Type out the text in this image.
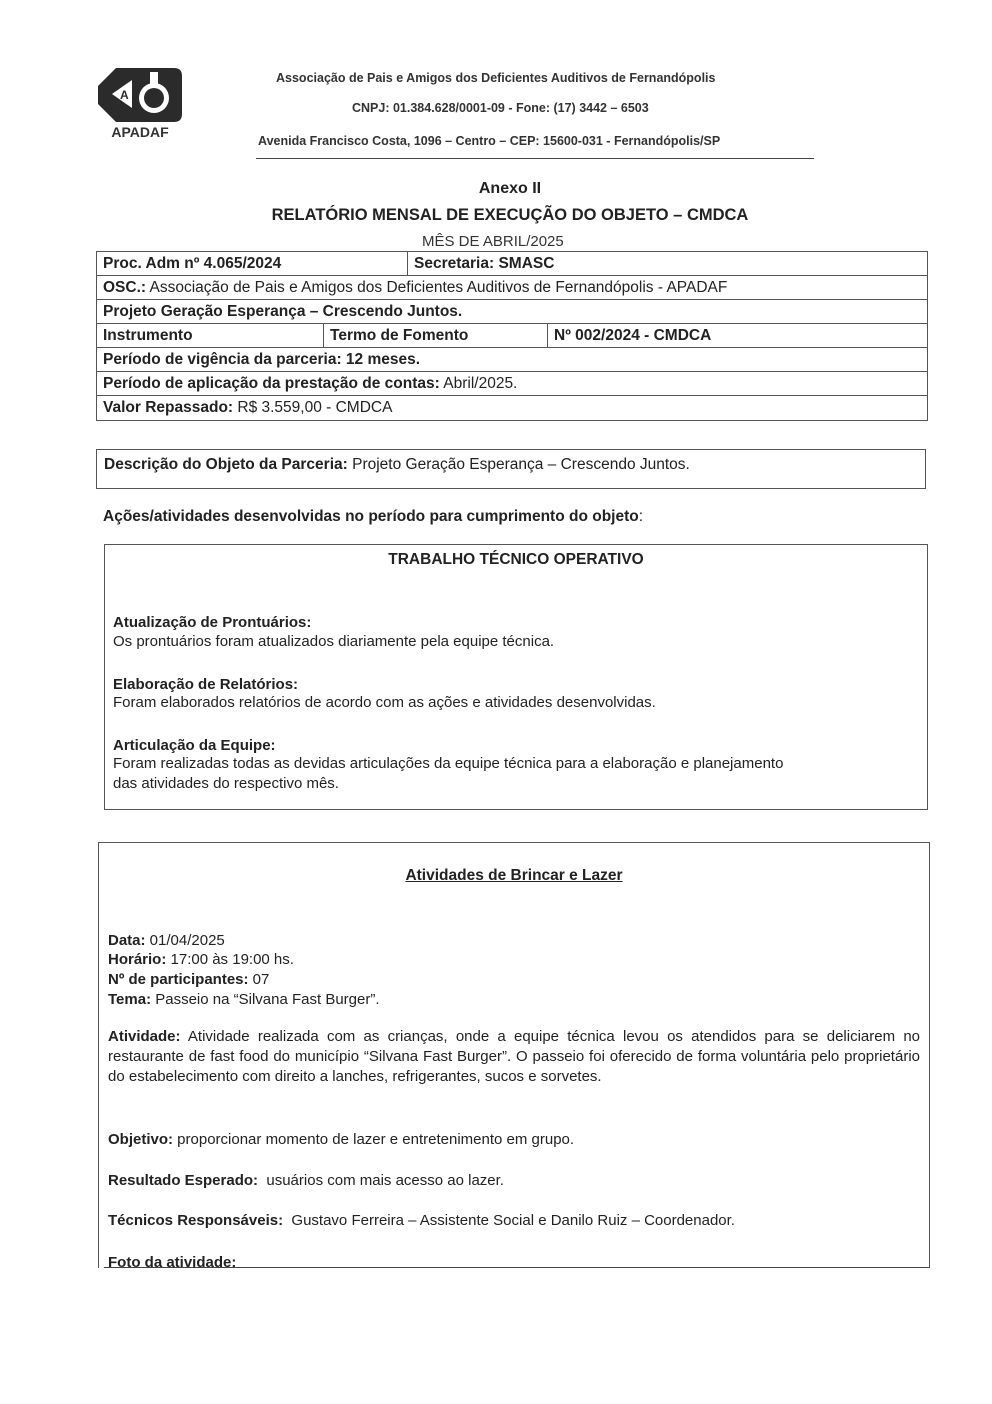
A
APADAF
Associação de Pais e Amigos dos Deficientes Auditivos de Fernandópolis
CNPJ: 01.384.628/0001-09 - Fone: (17) 3442 – 6503
Avenida Francisco Costa, 1096 – Centro – CEP: 15600-031 - Fernandópolis/SP
Anexo II
RELATÓRIO MENSAL DE EXECUÇÃO DO OBJETO – CMDCA
MÊS DE ABRIL/2025
Proc. Adm nº 4.065/2024	Secretaria: SMASC
OSC.: Associação de Pais e Amigos dos Deficientes Auditivos de Fernandópolis - APADAF
Projeto Geração Esperança – Crescendo Juntos.
Instrumento	Termo de Fomento	Nº 002/2024 - CMDCA
Período de vigência da parceria: 12 meses.
Período de aplicação da prestação de contas: Abril/2025.
Valor Repassado: R$ 3.559,00 - CMDCA
Descrição do Objeto da Parceria: Projeto Geração Esperança – Crescendo Juntos.
Ações/atividades desenvolvidas no período para cumprimento do objeto:
TRABALHO TÉCNICO OPERATIVO
Atualização de Prontuários:
Os prontuários foram atualizados diariamente pela equipe técnica.
Elaboração de Relatórios:
Foram elaborados relatórios de acordo com as ações e atividades desenvolvidas.
Articulação da Equipe:
Foram realizadas todas as devidas articulações da equipe técnica para a elaboração e planejamento
das atividades do respectivo mês.
Atividades de Brincar e Lazer
Data: 01/04/2025
Horário: 17:00 às 19:00 hs.
Nº de participantes: 07
Tema: Passeio na “Silvana Fast Burger”.
Atividade: Atividade realizada com as crianças, onde a equipe técnica levou os atendidos para se deliciarem no restaurante de fast food do município “Silvana Fast Burger”. O passeio foi oferecido de forma voluntária pelo proprietário do estabelecimento com direito a lanches, refrigerantes, sucos e sorvetes.
Objetivo: proporcionar momento de lazer e entretenimento em grupo.
Resultado Esperado:  usuários com mais acesso ao lazer.
Técnicos Responsáveis:  Gustavo Ferreira – Assistente Social e Danilo Ruiz – Coordenador.
Foto da atividade:
